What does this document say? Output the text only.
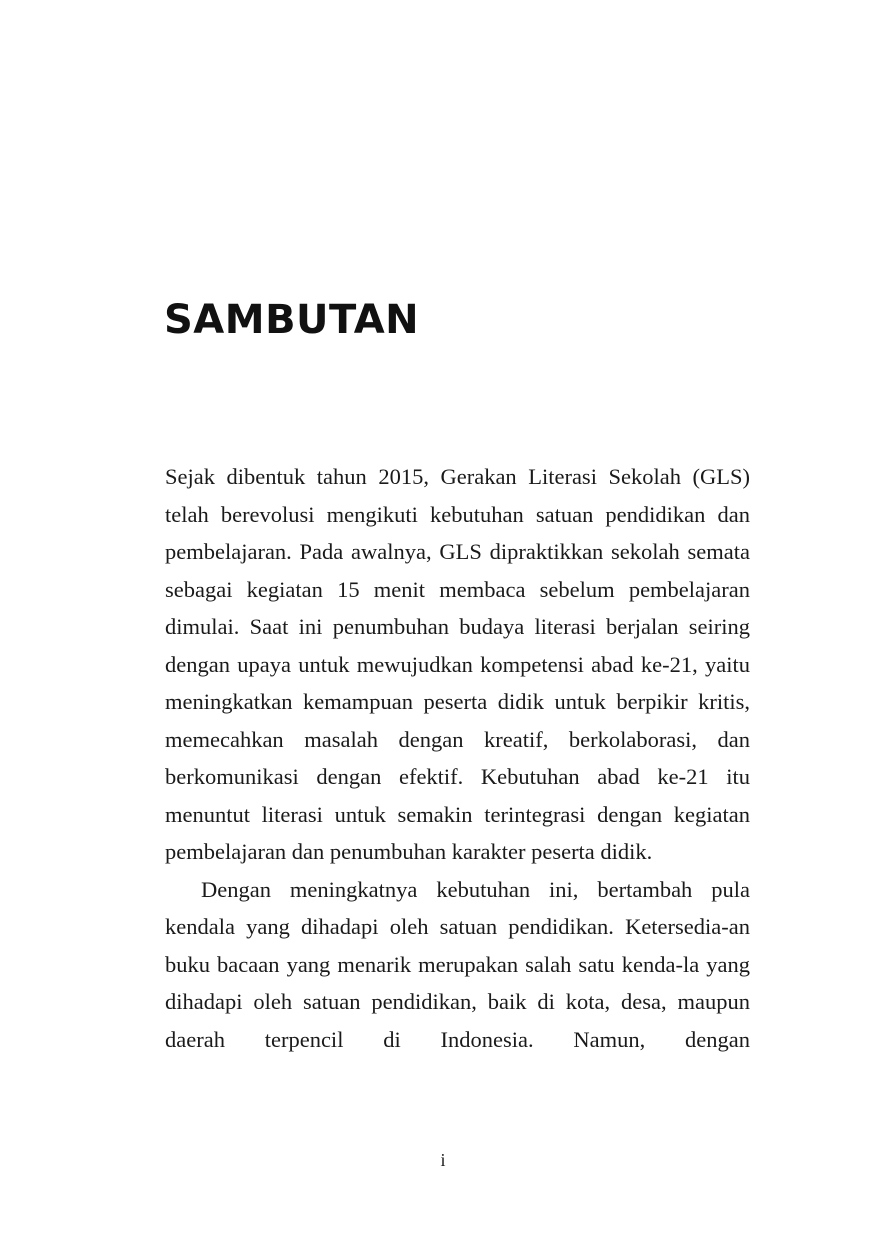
SAMBUTAN

Sejak dibentuk tahun 2015, Gerakan Literasi Sekolah (GLS) telah berevolusi mengikuti kebutuhan satuan pendidikan dan pembelajaran. Pada awalnya, GLS dipraktikkan sekolah semata sebagai kegiatan 15 menit membaca sebelum pembelajaran dimulai. Saat ini penumbuhan budaya literasi berjalan seiring dengan upaya untuk mewujudkan kompetensi abad ke-21, yaitu meningkatkan kemampuan peserta didik untuk berpikir kritis, memecahkan masalah dengan kreatif, berkolaborasi, dan berkomunikasi dengan efektif. Kebutuhan abad ke-21 itu menuntut literasi untuk semakin terintegrasi dengan kegiatan pembelajaran dan penumbuhan karakter peserta didik.

Dengan meningkatnya kebutuhan ini, bertambah pula kendala yang dihadapi oleh satuan pendidikan. Ketersedia-an buku bacaan yang menarik merupakan salah satu kenda-la yang dihadapi oleh satuan pendidikan, baik di kota, desa, maupun daerah terpencil di Indonesia. Namun, dengan

i
